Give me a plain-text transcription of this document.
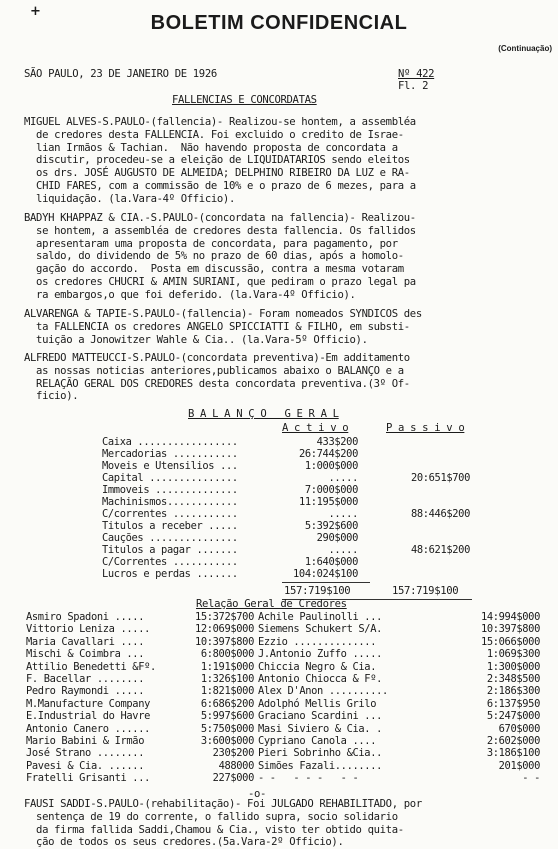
+
BOLETIM CONFIDENCIAL
(Continuação)
SÃO PAULO, 23 DE JANEIRO DE 1926	Nº 422
Fl. 2
FALLENCIAS E CONCORDATAS
MIGUEL ALVES-S.PAULO-(fallencia)- Realizou-se hontem, a assembléa
de credores desta FALLENCIA. Foi excluido o credito de Israe-
lian Irmãos & Tachian.  Não havendo proposta de concordata a
discutir, procedeu-se a eleição de LIQUIDATARIOS sendo eleitos
os drs. JOSÉ AUGUSTO DE ALMEIDA; DELPHINO RIBEIRO DA LUZ e RA-
CHID FARES, com a commissão de 10% e o prazo de 6 mezes, para a
liquidação. (la.Vara-4º Officio).
BADYH KHAPPAZ & CIA.-S.PAULO-(concordata na fallencia)- Realizou-
se hontem, a assembléa de credores desta fallencia. Os fallidos
apresentaram uma proposta de concordata, para pagamento, por
saldo, do dividendo de 5% no prazo de 60 dias, após a homolo-
gação do accordo.  Posta em discussão, contra a mesma votaram
os credores CHUCRI & AMIN SURIANI, que pediram o prazo legal pa
ra embargos,o que foi deferido. (la.Vara-4º Officio).
ALVARENGA & TAPIE-S.PAULO-(fallencia)- Foram nomeados SYNDICOS des
ta FALLENCIA os credores ANGELO SPICCIATTI & FILHO, em substi-
tuição a Jonowitzer Wahle & Cia.. (la.Vara-5º Officio).
ALFREDO MATTEUCCI-S.PAULO-(concordata preventiva)-Em additamento
as nossas noticias anteriores,publicamos abaixo o BALANÇO e a
RELAÇÃO GERAL DOS CREDORES desta concordata preventiva.(3º Of-
ficio).
B A L A N Ç O   G E R A L
A c t i v o	P a s s i v o
Caixa .................	433$200
Mercadorias ...........	26:744$200
Moveis e Utensilios ...	1:000$000
Capital ...............	.....	20:651$700
Immoveis ..............	7:000$000
Machinismos............	11:195$000
C/correntes ...........	.....	88:446$200
Titulos a receber .....	5:392$600
Cauções ...............	290$000
Titulos a pagar .......	.....	48:621$200
C/Correntes ...........	1:640$000
Lucros e perdas .......	104:024$100
157:719$100	157:719$100
Relação Geral de Credores
Asmiro Spadoni .....	15:372$700 Achile Paulinolli ...	14:994$000
Vittorio Leniza .....	12:069$000 Siemens Schukert S/A.	10:397$800
Maria Cavallari ....	10:397$800 Ezzio ..............	15:066$000
Mischi & Coimbra ...	6:800$000 J.Antonio Zuffo .....	1:069$300
Attilio Benedetti &Fº.	1:191$000 Chiccia Negro & Cia.	1:300$000
F. Bacellar ........	1:326$100 Antonio Chiocca & Fº.	2:348$500
Pedro Raymondi .....	1:821$000 Alex D'Anon ..........	2:186$300
M.Manufacture Company	6:686$200 Adolphó Mellis Grilo	6:137$950
E.Industrial do Havre	5:997$600 Graciano Scardini ...	5:247$000
Antonio Canero ......	5:750$000 Masi Siviero & Cia. .	670$000
Mario Babini & Irmão	3:600$000 Cypriano Canola ....	2:602$000
José Strano ........	230$200 Pieri Sobrinho &Cia..	3:186$100
Pavesi & Cia. ......	488000 Simões Fazali........	201$000
Fratelli Grisanti ...	227$000 - -   - - -   - -	- -
-o-
FAUSI SADDI-S.PAULO-(rehabilitação)- Foi JULGADO REHABILITADO, por
sentença de 19 do corrente, o fallido supra, socio solidario
da firma fallida Saddi,Chamou & Cia., visto ter obtido quita-
ção de todos os seus credores.(5a.Vara-2º Officio).
